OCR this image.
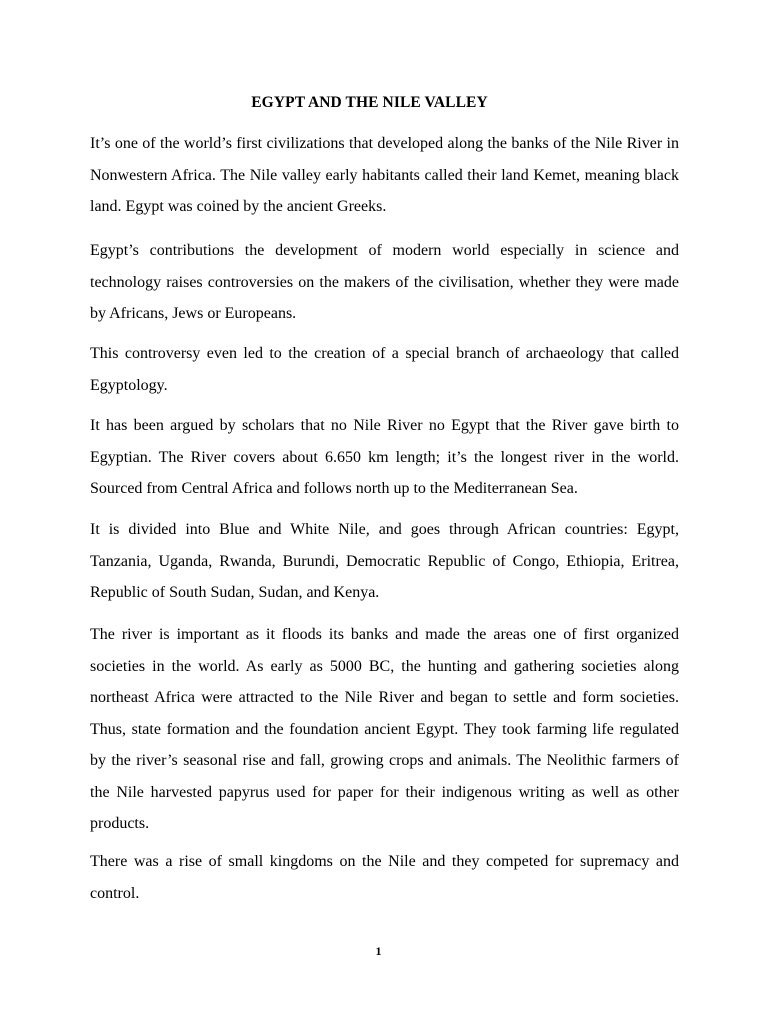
EGYPT AND THE NILE VALLEY

It’s one of the world’s first civilizations that developed along the banks of the Nile River in Nonwestern Africa. The Nile valley early habitants called their land Kemet, meaning black land. Egypt was coined by the ancient Greeks.

Egypt’s contributions the development of modern world especially in science and technology raises controversies on the makers of the civilisation, whether they were made by Africans, Jews or Europeans.

This controversy even led to the creation of a special branch of archaeology that called Egyptology.

It has been argued by scholars that no Nile River no Egypt that the River gave birth to Egyptian. The River covers about 6.650 km length; it’s the longest river in the world. Sourced from Central Africa and follows north up to the Mediterranean Sea.

It is divided into Blue and White Nile, and goes through African countries: Egypt, Tanzania, Uganda, Rwanda, Burundi, Democratic Republic of Congo, Ethiopia, Eritrea, Republic of South Sudan, Sudan, and Kenya.

The river is important as it floods its banks and made the areas one of first organized societies in the world. As early as 5000 BC, the hunting and gathering societies along northeast Africa were attracted to the Nile River and began to settle and form societies. Thus, state formation and the foundation ancient Egypt. They took farming life regulated by the river’s seasonal rise and fall, growing crops and animals. The Neolithic farmers of the Nile harvested papyrus used for paper for their indigenous writing as well as other products.

There was a rise of small kingdoms on the Nile and they competed for supremacy and control.

1
